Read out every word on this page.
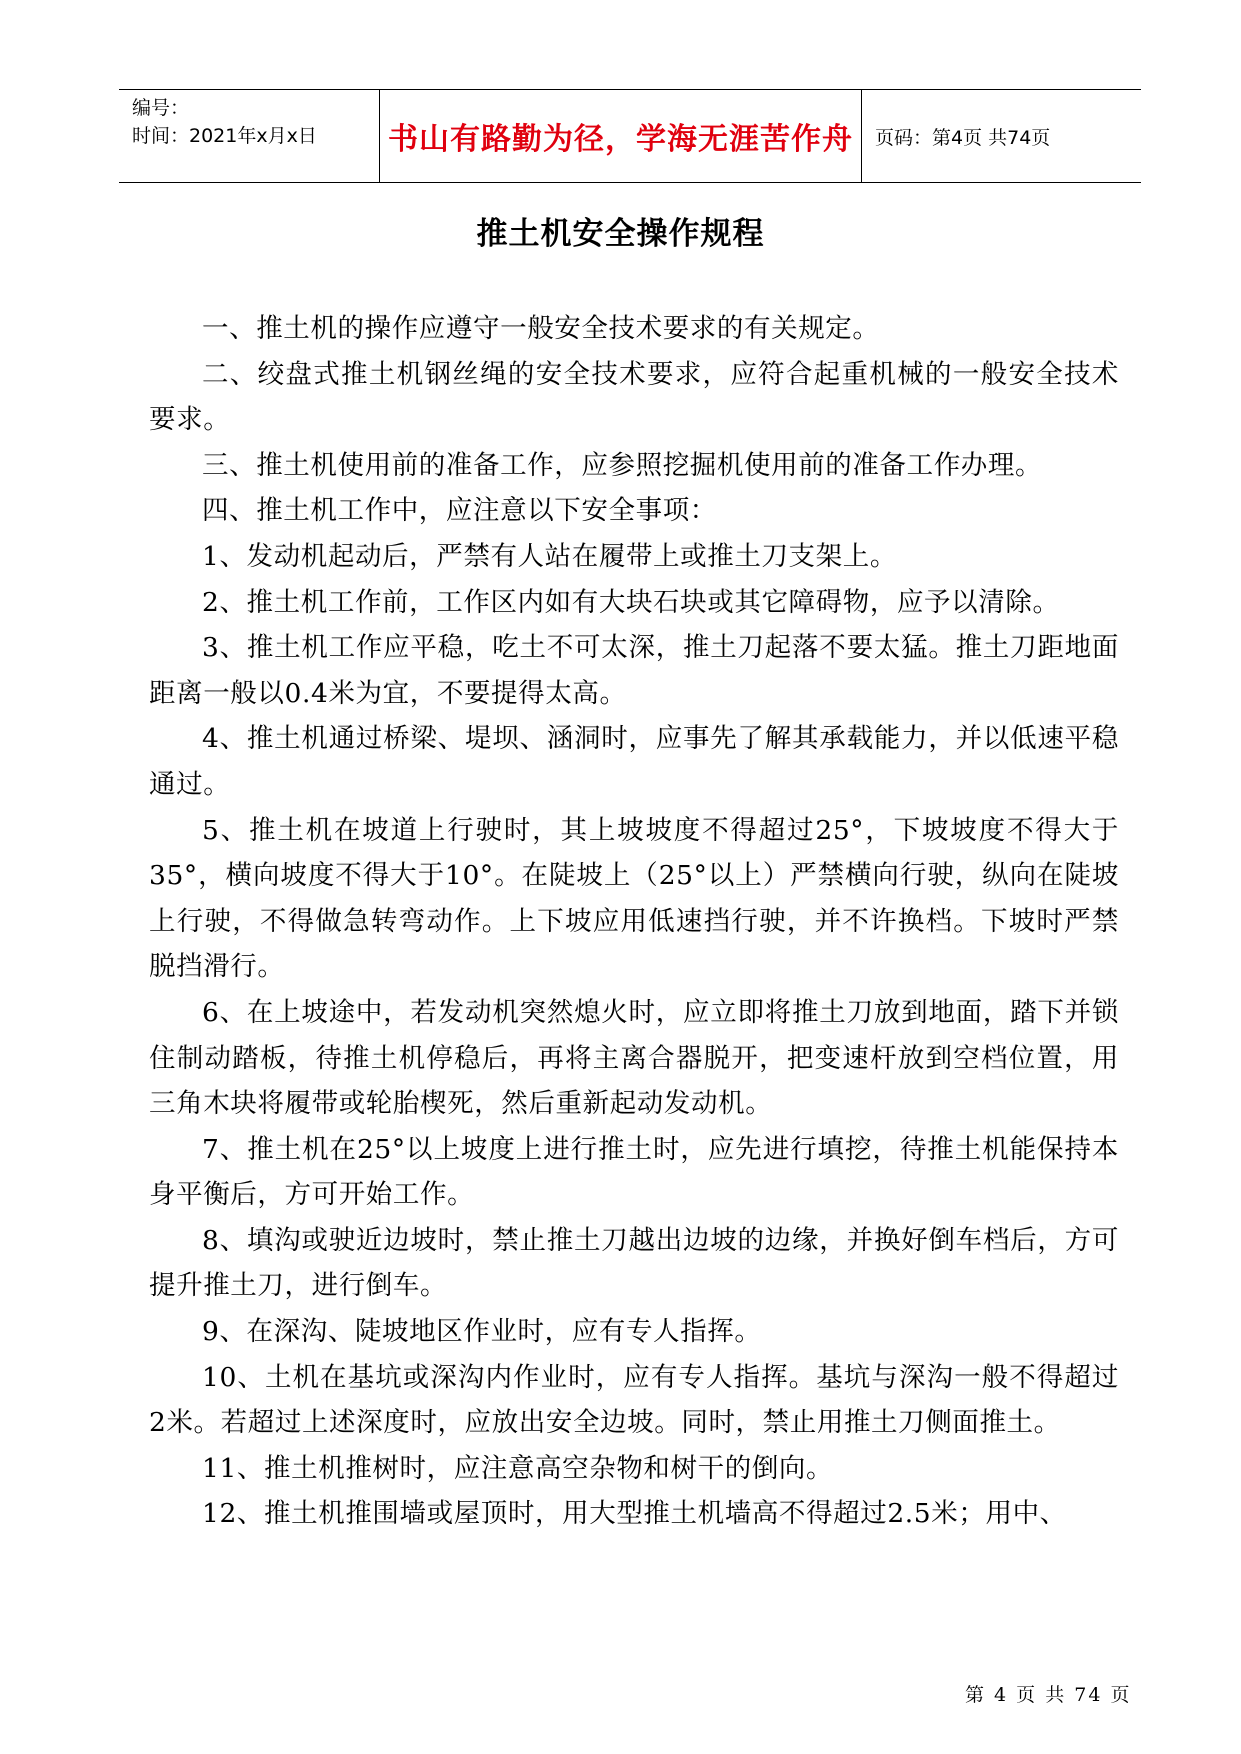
编号：
时间：2021年x月x日	书山有路勤为径，学海无涯苦作舟	页码：第4页 共74页
推土机安全操作规程

一、推土机的操作应遵守一般安全技术要求的有关规定。

二、绞盘式推土机钢丝绳的安全技术要求，应符合起重机械的一般安全技术要求。

三、推土机使用前的准备工作，应参照挖掘机使用前的准备工作办理。

四、推土机工作中，应注意以下安全事项：

1、发动机起动后，严禁有人站在履带上或推土刀支架上。

2、推土机工作前，工作区内如有大块石块或其它障碍物，应予以清除。

3、推土机工作应平稳，吃土不可太深，推土刀起落不要太猛。推土刀距地面距离一般以0.4米为宜，不要提得太高。

4、推土机通过桥梁、堤坝、涵洞时，应事先了解其承载能力，并以低速平稳通过。

5、推土机在坡道上行驶时，其上坡坡度不得超过25°，下坡坡度不得大于35°，横向坡度不得大于10°。在陡坡上（25°以上）严禁横向行驶，纵向在陡坡上行驶，不得做急转弯动作。上下坡应用低速挡行驶，并不许换档。下坡时严禁脱挡滑行。

6、在上坡途中，若发动机突然熄火时，应立即将推土刀放到地面，踏下并锁住制动踏板，待推土机停稳后，再将主离合器脱开，把变速杆放到空档位置，用三角木块将履带或轮胎楔死，然后重新起动发动机。

7、推土机在25°以上坡度上进行推土时，应先进行填挖，待推土机能保持本身平衡后，方可开始工作。

8、填沟或驶近边坡时，禁止推土刀越出边坡的边缘，并换好倒车档后，方可提升推土刀，进行倒车。

9、在深沟、陡坡地区作业时，应有专人指挥。

10、土机在基坑或深沟内作业时，应有专人指挥。基坑与深沟一般不得超过2米。若超过上述深度时，应放出安全边坡。同时，禁止用推土刀侧面推土。

11、推土机推树时，应注意高空杂物和树干的倒向。

12、推土机推围墙或屋顶时，用大型推土机墙高不得超过2.5米；用中、

第 4 页 共 74 页
